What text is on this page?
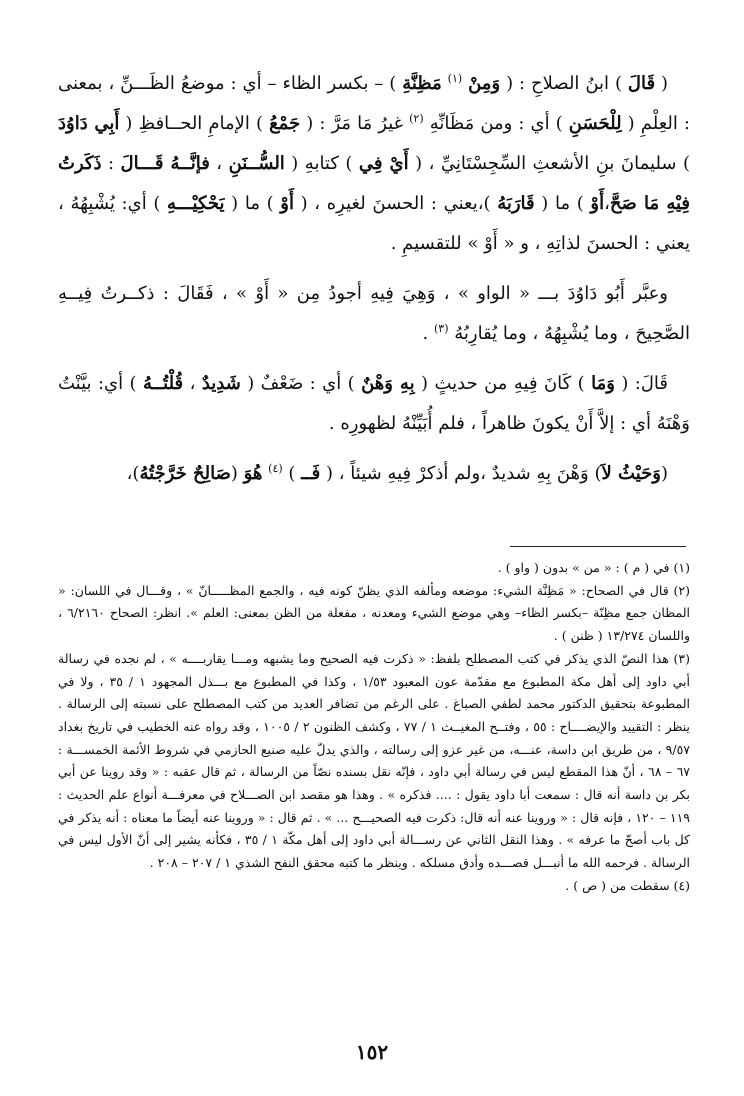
( قَالَ ) ابنُ الصلاحِ : ( وَمِنْ $^{(١)}$ مَظِنَّةِ ) – بكسر الظاء – أي : موضعُ الظَـــنِّ ، بمعنى : العِلْمِ ( لِلْحَسَنِ ) أي : ومن مَظَانِّهِ $^{(٢)}$ غيرُ مَا مَرَّ : ( جَمْعُ ) الإمامِ الحــافظِ ( أَبِي دَاوُدَ ) سليمانَ بنِ الأشعثِ السِّجِسْتَانِيِّ ، ( أَيْ فِي ) كتابهِ ( السُّــنَنِ ، فإنَّــهُ قَـــالَ : ذَكَرتُ فِيْهِ مَا صَحَّ،أَوْ ) ما ( قَارَبَهُ )،يعني : الحسنَ لغيرِه ، ( أَوْ ) ما ( يَحْكِيْـــهِ ) أي: يُشْبِهُهُ ، يعني : الحسنَ لذاتِهِ ، و « أَوْ » للتقسيمِ .

وعبَّر أَبُو دَاوُدَ بـــ « الواو » ، وَهِيَ فِيهِ أجودُ مِن « أَوْ » ، فَقَالَ : ذكــرتُ فِيــهِ الصَّحِيحَ ، وما يُشْبِهُهُ ، وما يُقارِبُهُ $^{(٣)}$ .

قَالَ: ( وَمَا ) كَانَ فِيهِ من حديثٍ ( بِهِ وَهْنٌ ) أي : ضَعْفٌ ( شَدِيدٌ ، قُلْتُــهُ ) أي: بيَّنْتُ وَهْنَهُ أي : إلاَّ أَنْ يكونَ ظاهراً ، فلم أُبَيِّنْهُ لظهورِه .

(وَحَيْثُ لاَ) وَهْنَ بِهِ شديدٌ ،ولم أذكرْ فِيهِ شيئاً ، ( فَــ ) $^{(٤)}$ هُوَ (صَالِحٌ خَرَّجْتُهُ)،

(١) في ( م ) : « من » بدون ( واو ) .

(٢) قال في الصحاح: « مَظِنَّة الشيء: موضعه ومألفه الذي يظنّ كونه فيه ، والجمع المظـــــانّ » ، وقـــال في اللسان: « المظان جمع مظِنّة –بكسر الظاء– وهي موضع الشيء ومعدنه ، مفعلة من الظن بمعنى: العلم ». انظر: الصحاح ٦/٢١٦٠ ، واللسان ١٣/٢٧٤ ( ظنن ) .

(٣) هذا النصّ الذي يذكر في كتب المصطلح بلفظ: « ذكرت فيه الصحيح وما يشبهه ومـــا يقاربــــه » ، لم نجده في رسالة أبي داود إلى أهل مكة المطبوع مع مقدّمة عون المعبود ١/٥٣ ، وكذا في المطبوع مع بـــذل المجهود ١ / ٣٥ ، ولا في المطبوعة بتحقيق الدكتور محمد لطفي الصباغ . على الرغم من تضافر العديد من كتب المصطلح على نسبته إلى الرسالة . ينظر : التقييد والإيضــــاح : ٥٥ ، وفتــح المغيــث ١ / ٧٧ ، وكشف الظنون ٢ / ١٠٠٥ ، وقد رواه عنه الخطيب في تاريخ بغداد ٩/٥٧ ، من طريق ابن داسة، عنـــه، من غير عزو إلى رسالته ، والذي يدلّ عليه صنيع الحازمي في شروط الأئمة الخمســـة : ٦٧ – ٦٨ ، أنّ هذا المقطع ليس في رسالة أبي داود ، فإنّه نقل بسنده نصّاً من الرسالة ، ثم قال عقبه : « وقد روينا عن أبي بكر بن داسة أنه قال : سمعت أبا داود يقول : .... فذكره » . وهذا هو مقصد ابن الصـــلاح في معرفـــة أنواع علم الحديث : ١١٩ – ١٢٠ ، فإنه قال : « وروينا عنه أنه قال: ذكرت فيه الصحيـــح ... » . ثم قال : « وروينا عنه أيضاً ما معناه : أنه يذكر في كل باب أصحّ ما عرفه » . وهذا النقل الثاني عن رســـالة أبي داود إلى أهل مكّة ١ / ٣٥ ، فكأنه يشير إلى أنّ الأول ليس في الرسالة . فرحمه الله ما أنبـــل قصـــده وأدق مسلكه . وينظر ما كتبه محقق النفح الشذي ١ / ٢٠٧ – ٢٠٨ .

(٤) سقطت من ( ص ) .

١٥٢
